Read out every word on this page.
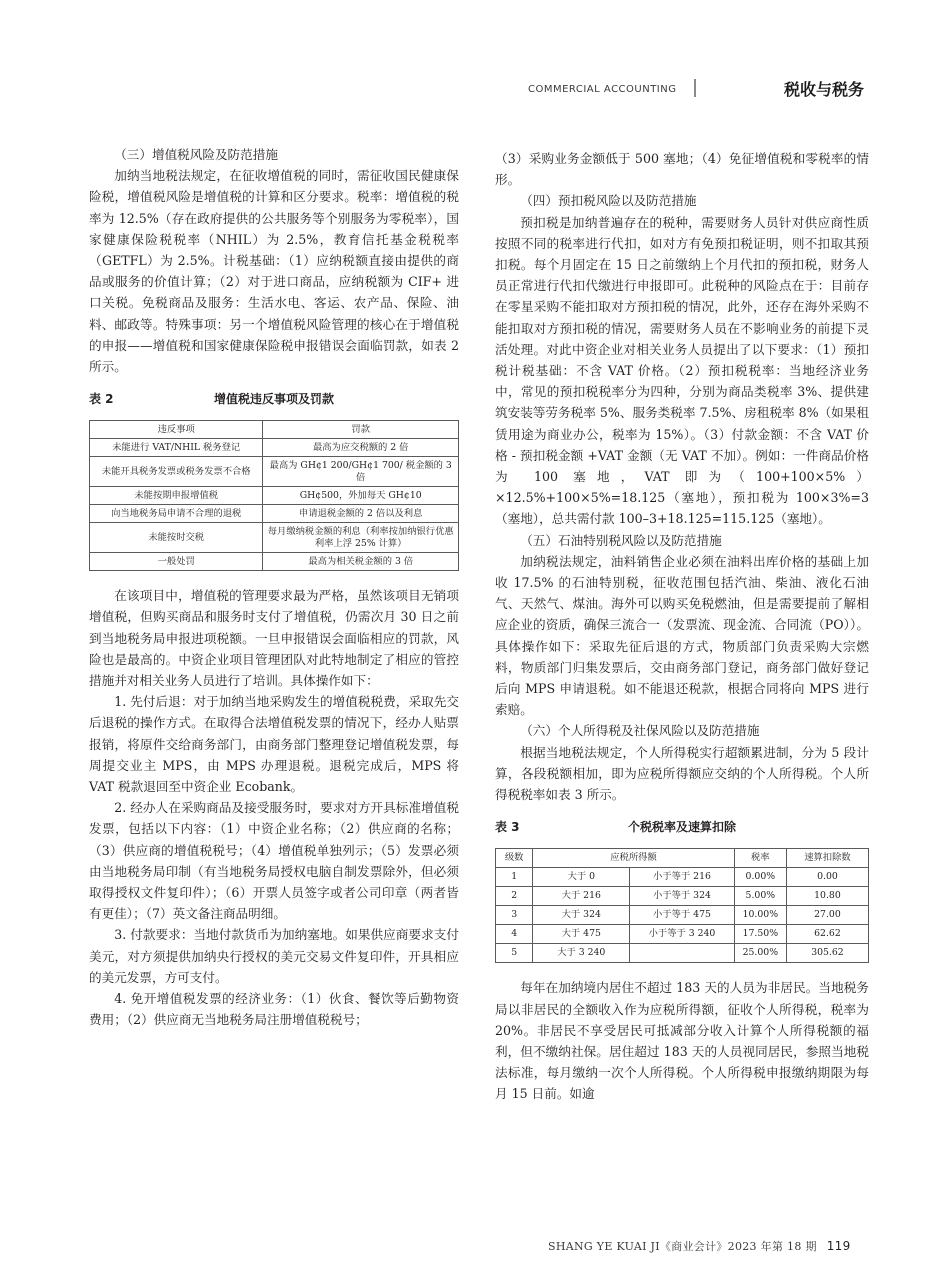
COMMERCIAL ACCOUNTING	税收与税务

（三）增值税风险及防范措施

加纳当地税法规定，在征收增值税的同时，需征收国民健康保险税，增值税风险是增值税的计算和区分要求。税率：增值税的税率为 12.5%（存在政府提供的公共服务等个别服务为零税率），国家健康保险税税率（NHIL）为 2.5%，教育信托基金税税率（GETFL）为 2.5%。计税基础：（1）应纳税额直接由提供的商品或服务的价值计算；（2）对于进口商品，应纳税额为 CIF+ 进口关税。免税商品及服务：生活水电、客运、农产品、保险、油料、邮政等。特殊事项：另一个增值税风险管理的核心在于增值税的申报——增值税和国家健康保险税申报错误会面临罚款，如表 2 所示。

表 2	增值税违反事项及罚款
违反事项	罚款
未能进行 VAT/NHIL 税务登记	最高为应交税额的 2 倍
未能开具税务发票或税务发票不合格	最高为 GH¢1 200/GH¢1 700/ 税金额的 3 倍
未能按期申报增值税	GH¢500，外加每天 GH¢10
向当地税务局申请不合理的退税	申请退税金额的 2 倍以及利息
未能按时交税	每月缴纳税金额的利息（利率按加纳银行优惠利率上浮 25% 计算）
一般处罚	最高为相关税金额的 3 倍

在该项目中，增值税的管理要求最为严格，虽然该项目无销项增值税，但购买商品和服务时支付了增值税，仍需次月 30 日之前到当地税务局申报进项税额。一旦申报错误会面临相应的罚款，风险也是最高的。中资企业项目管理团队对此特地制定了相应的管控措施并对相关业务人员进行了培训。具体操作如下：

1. 先付后退：对于加纳当地采购发生的增值税税费，采取先交后退税的操作方式。在取得合法增值税发票的情况下，经办人贴票报销，将原件交给商务部门，由商务部门整理登记增值税发票，每周提交业主 MPS，由 MPS 办理退税。退税完成后，MPS 将 VAT 税款退回至中资企业 Ecobank。

2. 经办人在采购商品及接受服务时，要求对方开具标准增值税发票，包括以下内容：（1）中资企业名称；（2）供应商的名称；（3）供应商的增值税税号；（4）增值税单独列示；（5）发票必须由当地税务局印制（有当地税务局授权电脑自制发票除外，但必须取得授权文件复印件）；（6）开票人员签字或者公司印章（两者皆有更佳）；（7）英文备注商品明细。

3. 付款要求：当地付款货币为加纳塞地。如果供应商要求支付美元，对方须提供加纳央行授权的美元交易文件复印件，开具相应的美元发票，方可支付。

4. 免开增值税发票的经济业务：（1）伙食、餐饮等后勤物资费用；（2）供应商无当地税务局注册增值税税号；

（3）采购业务金额低于 500 塞地；（4）免征增值税和零税率的情形。

（四）预扣税风险以及防范措施

预扣税是加纳普遍存在的税种，需要财务人员针对供应商性质按照不同的税率进行代扣，如对方有免预扣税证明，则不扣取其预扣税。每个月固定在 15 日之前缴纳上个月代扣的预扣税，财务人员正常进行代扣代缴进行申报即可。此税种的风险点在于：目前存在零星采购不能扣取对方预扣税的情况，此外，还存在海外采购不能扣取对方预扣税的情况，需要财务人员在不影响业务的前提下灵活处理。对此中资企业对相关业务人员提出了以下要求：（1）预扣税计税基础：不含 VAT 价格。（2）预扣税税率：当地经济业务中，常见的预扣税税率分为四种，分别为商品类税率 3%、提供建筑安装等劳务税率 5%、服务类税率 7.5%、房租税率 8%（如果租赁用途为商业办公，税率为 15%）。（3）付款金额：不含 VAT 价格 - 预扣税金额 +VAT 金额（无 VAT 不加）。例如：一件商品价格为 100 塞地，VAT 即为（100+100×5%）×12.5%+100×5%=18.125（塞地），预扣税为 100×3%=3（塞地），总共需付款 100–3+18.125=115.125（塞地）。

（五）石油特别税风险以及防范措施

加纳税法规定，油料销售企业必须在油料出库价格的基础上加收 17.5% 的石油特别税，征收范围包括汽油、柴油、液化石油气、天然气、煤油。海外可以购买免税燃油，但是需要提前了解相应企业的资质，确保三流合一（发票流、现金流、合同流（PO））。具体操作如下：采取先征后退的方式，物质部门负责采购大宗燃料，物质部门归集发票后，交由商务部门登记，商务部门做好登记后向 MPS 申请退税。如不能退还税款，根据合同将向 MPS 进行索赔。

（六）个人所得税及社保风险以及防范措施

根据当地税法规定，个人所得税实行超额累进制，分为 5 段计算，各段税额相加，即为应税所得额应交纳的个人所得税。个人所得税税率如表 3 所示。

表 3	个税税率及速算扣除
级数	应税所得额		税率	速算扣除数
1	大于 0	小于等于 216	0.00%	0.00
2	大于 216	小于等于 324	5.00%	10.80
3	大于 324	小于等于 475	10.00%	27.00
4	大于 475	小于等于 3 240	17.50%	62.62
5	大于 3 240		25.00%	305.62

每年在加纳境内居住不超过 183 天的人员为非居民。当地税务局以非居民的全额收入作为应税所得额，征收个人所得税，税率为 20%。非居民不享受居民可抵减部分收入计算个人所得税额的福利，但不缴纳社保。居住超过 183 天的人员视同居民，参照当地税法标准，每月缴纳一次个人所得税。个人所得税申报缴纳期限为每月 15 日前。如逾

SHANG YE KUAI JI《商业会计》2023 年第 18 期 119
